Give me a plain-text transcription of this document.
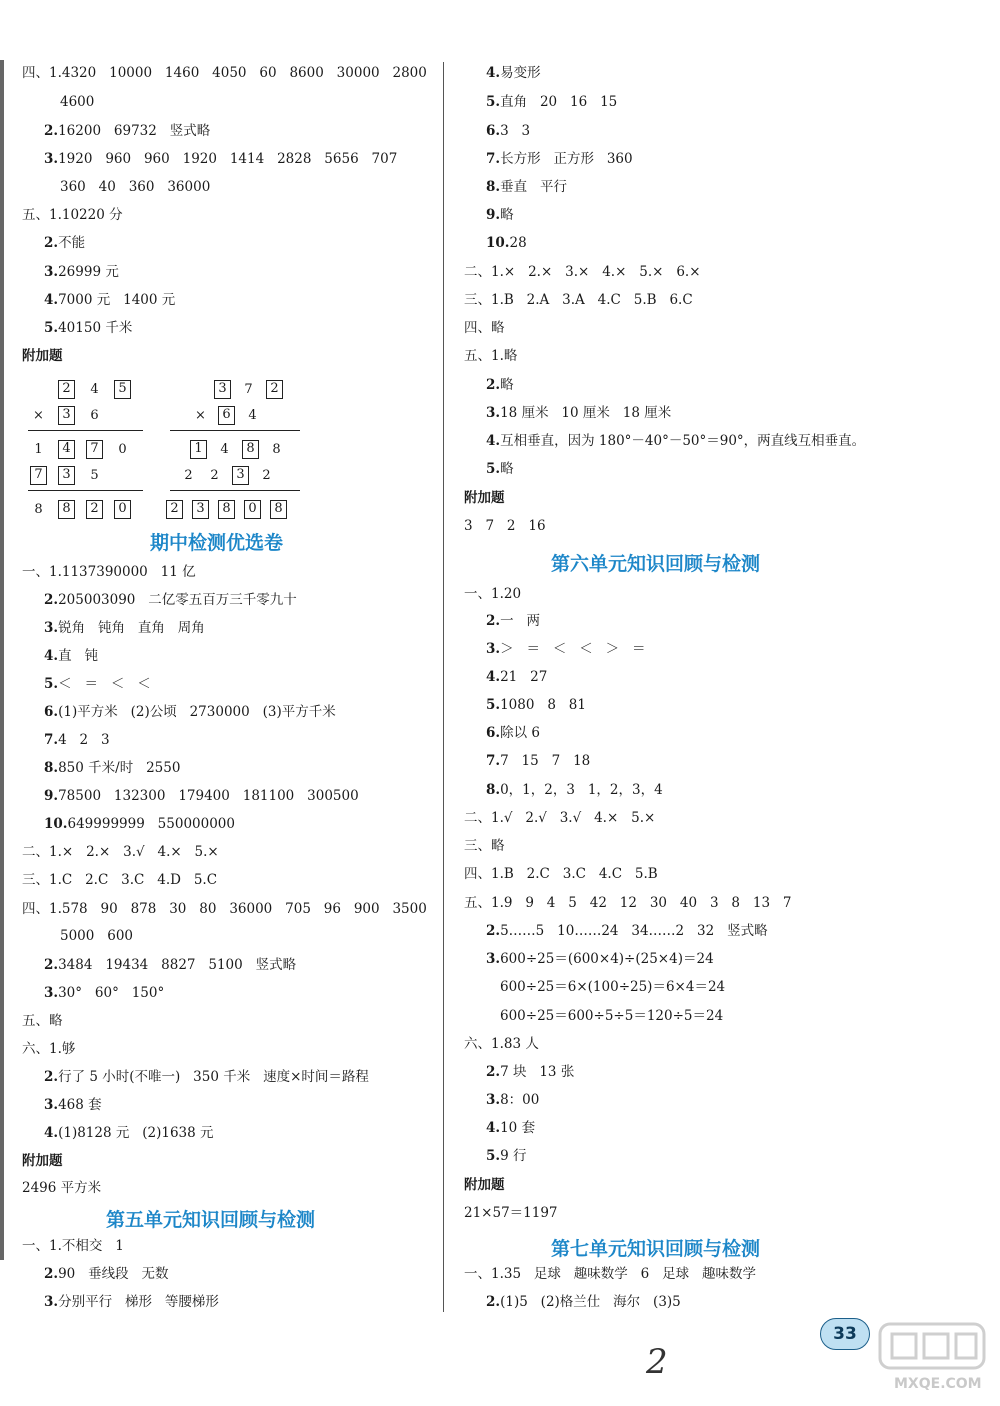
四、1.4320   10000   1460   4050   60   8600   30000   2800
4600
2.16200   69732   竖式略
3.1920   960   960   1920   1414   2828   5656   707
360   40   360   36000
五、1.10220 分
2.不能
3.26999 元
4.7000 元   1400 元
5.40150 千米
附加题
一、1.1137390000   11 亿
2.205003090   二亿零五百万三千零九十
3.锐角   钝角   直角   周角
4.直   钝
5.＜   ＝   ＜   ＜
6.(1)平方米   (2)公顷   2730000   (3)平方千米
7.4   2   3
8.850 千米/时   2550
9.78500   132300   179400   181100   300500
10.649999999   550000000
二、1.×   2.×   3.√   4.×   5.×
三、1.C   2.C   3.C   4.D   5.C
四、1.578   90   878   30   80   36000   705   96   900   3500
5000   600
2.3484   19434   8827   5100   竖式略
3.30°   60°   150°
五、略
六、1.够
2.行了 5 小时(不唯一)   350 千米   速度×时间＝路程
3.468 套
4.(1)8128 元   (2)1638 元
附加题
2496 平方米
一、1.不相交   1
2.90   垂线段   无数
3.分别平行   梯形   等腰梯形
4.易变形
5.直角   20   16   15
6.3   3
7.长方形   正方形   360
8.垂直   平行
9.略
10.28
二、1.×   2.×   3.×   4.×   5.×   6.×
三、1.B   2.A   3.A   4.C   5.B   6.C
四、略
五、1.略
2.略
3.18 厘米   10 厘米   18 厘米
4.互相垂直，因为 180°－40°－50°＝90°，两直线互相垂直。
5.略
附加题
3   7   2   16
一、1.20
2.一   两
3.＞   ＝   ＜   ＜   ＞   ＝
4.21   27
5.1080   8   81
6.除以 6
7.7   15   7   18
8.0，1，2，3   1，2，3，4
二、1.√   2.√   3.√   4.×   5.×
三、略
四、1.B   2.C   3.C   4.C   5.B
五、1.9   9   4   5   42   12   30   40   3   8   13   7
2.5……5   10……24   34……2   32   竖式略
3.600÷25＝(600×4)÷(25×4)＝24
600÷25＝6×(100÷25)＝6×4＝24
600÷25＝600÷5÷5＝120÷5＝24
六、1.83 人
2.7 块   13 张
3.8：00
4.10 套
5.9 行
附加题
21×57＝1197
一、1.35   足球   趣味数学   6   足球   趣味数学
2.(1)5   (2)格兰仕   海尔   (3)5
期中检测优选卷
第六单元知识回顾与检测
第五单元知识回顾与检测
第七单元知识回顾与检测
2	4	5
×	3	6
1	4	7	0
7	3	5
8	8	2	0
3	7	2
×	6	4
1	4	8	8
2	2	3	2
2	3	8	0	8
33
2
MXQE.COM
